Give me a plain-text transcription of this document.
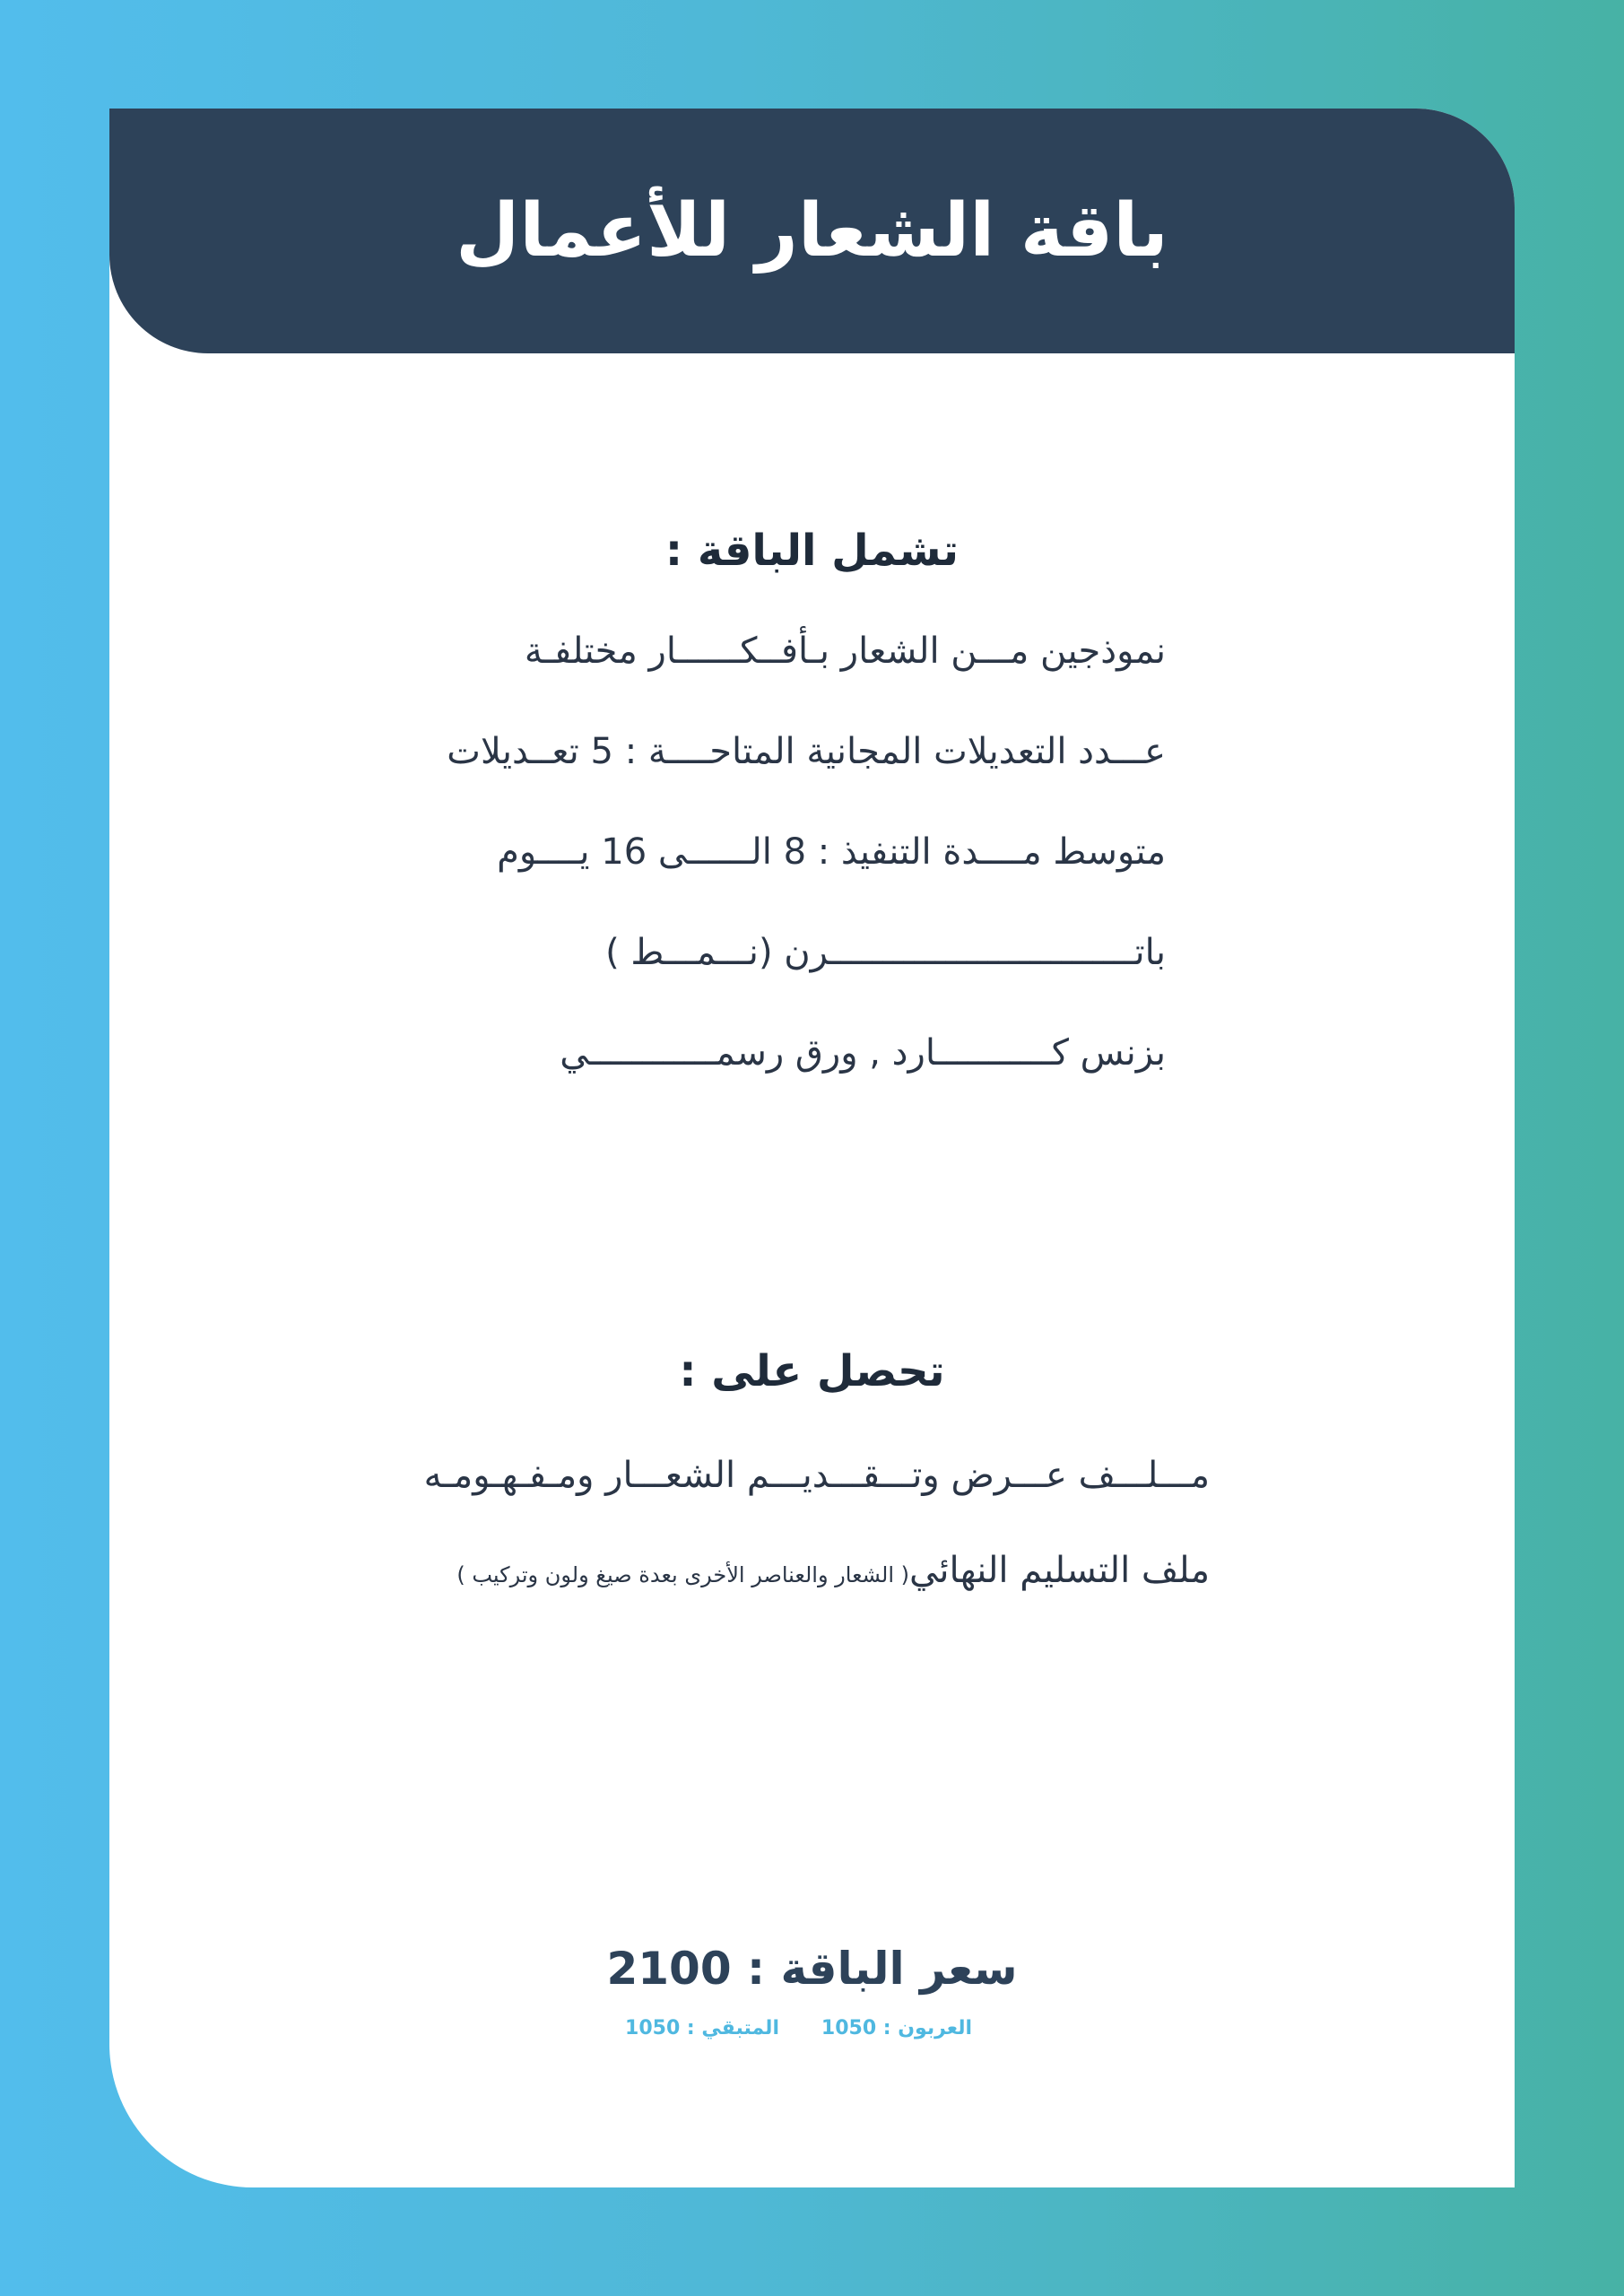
باقة الشعار للأعمال
تشمل الباقة :
نموذجين مـــن الشعار بـأفــكــــــار مختلفـة
عـــدد التعديلات المجانية المتاحــــة : 5 تعــديلات
متوسط مــــدة التنفيذ : 8 الــــــى 16 يــــوم
باتـــــــــــــــــــــــــــــرن (نـــمـــط )
بزنس كـــــــــــارد , ورق رسمــــــــــــي
تحصل على :
مـــلـــف عـــرض وتـــقـــديـــم الشعـــار ومـفـهـومـه
ملف التسليم النهائي( الشعار والعناصر الأخرى بعدة صيغ ولون وتركيب )
سعر الباقة : 2100
العربون : 1050
المتبقي : 1050
